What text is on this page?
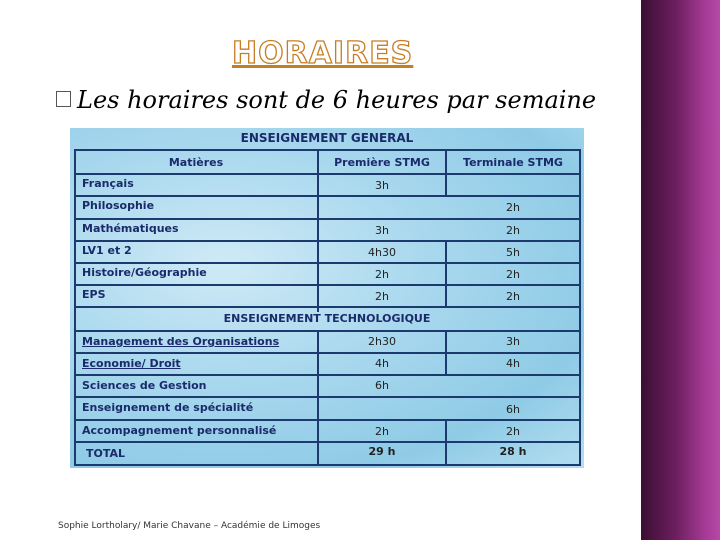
HORAIRES
Les horaires sont de 6 heures par semaine
ENSEIGNEMENT GENERAL
Matières	Première STMG	Terminale STMG
Français	3h
Philosophie	2h
Mathématiques	3h	2h
LV1 et 2	4h30	5h
Histoire/Géographie	2h	2h
EPS	2h	2h
ENSEIGNEMENT TECHNOLOGIQUE
Management des Organisations	2h30	3h
Economie/ Droit	4h	4h
Sciences de Gestion	6h
Enseignement de spécialité	6h
Accompagnement personnalisé	2h	2h
TOTAL	29 h	28 h
Sophie Lortholary/ Marie Chavane – Académie de Limoges
